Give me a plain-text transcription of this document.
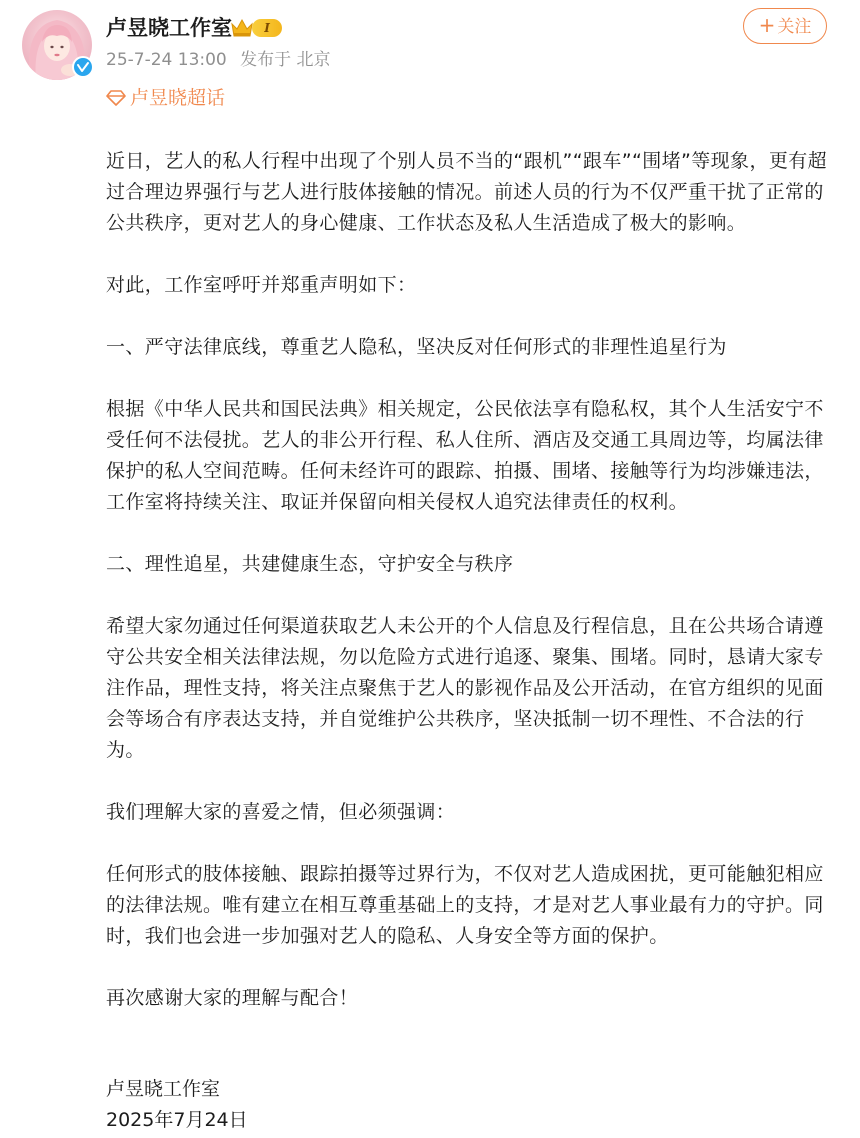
卢昱晓工作室	I
25-7-24 13:00 发布于 北京
+ 关注
卢昱晓超话

近日，艺人的私人行程中出现了个别人员不当的“跟机”“跟车”“围堵”等现象，更有超过合理边界强行与艺人进行肢体接触的情况。前述人员的行为不仅严重干扰了正常的公共秩序，更对艺人的身心健康、工作状态及私人生活造成了极大的影响。

对此，工作室呼吁并郑重声明如下：

一、严守法律底线，尊重艺人隐私，坚决反对任何形式的非理性追星行为

根据《中华人民共和国民法典》相关规定，公民依法享有隐私权，其个人生活安宁不受任何不法侵扰。艺人的非公开行程、私人住所、酒店及交通工具周边等，均属法律保护的私人空间范畴。任何未经许可的跟踪、拍摄、围堵、接触等行为均涉嫌违法，工作室将持续关注、取证并保留向相关侵权人追究法律责任的权利。

二、理性追星，共建健康生态，守护安全与秩序

希望大家勿通过任何渠道获取艺人未公开的个人信息及行程信息，且在公共场合请遵守公共安全相关法律法规，勿以危险方式进行追逐、聚集、围堵。同时，恳请大家专注作品，理性支持，将关注点聚焦于艺人的影视作品及公开活动，在官方组织的见面会等场合有序表达支持，并自觉维护公共秩序，坚决抵制一切不理性、不合法的行为。

我们理解大家的喜爱之情，但必须强调：

任何形式的肢体接触、跟踪拍摄等过界行为，不仅对艺人造成困扰，更可能触犯相应的法律法规。唯有建立在相互尊重基础上的支持，才是对艺人事业最有力的守护。同时，我们也会进一步加强对艺人的隐私、人身安全等方面的保护。

再次感谢大家的理解与配合！

卢昱晓工作室
2025年7月24日
